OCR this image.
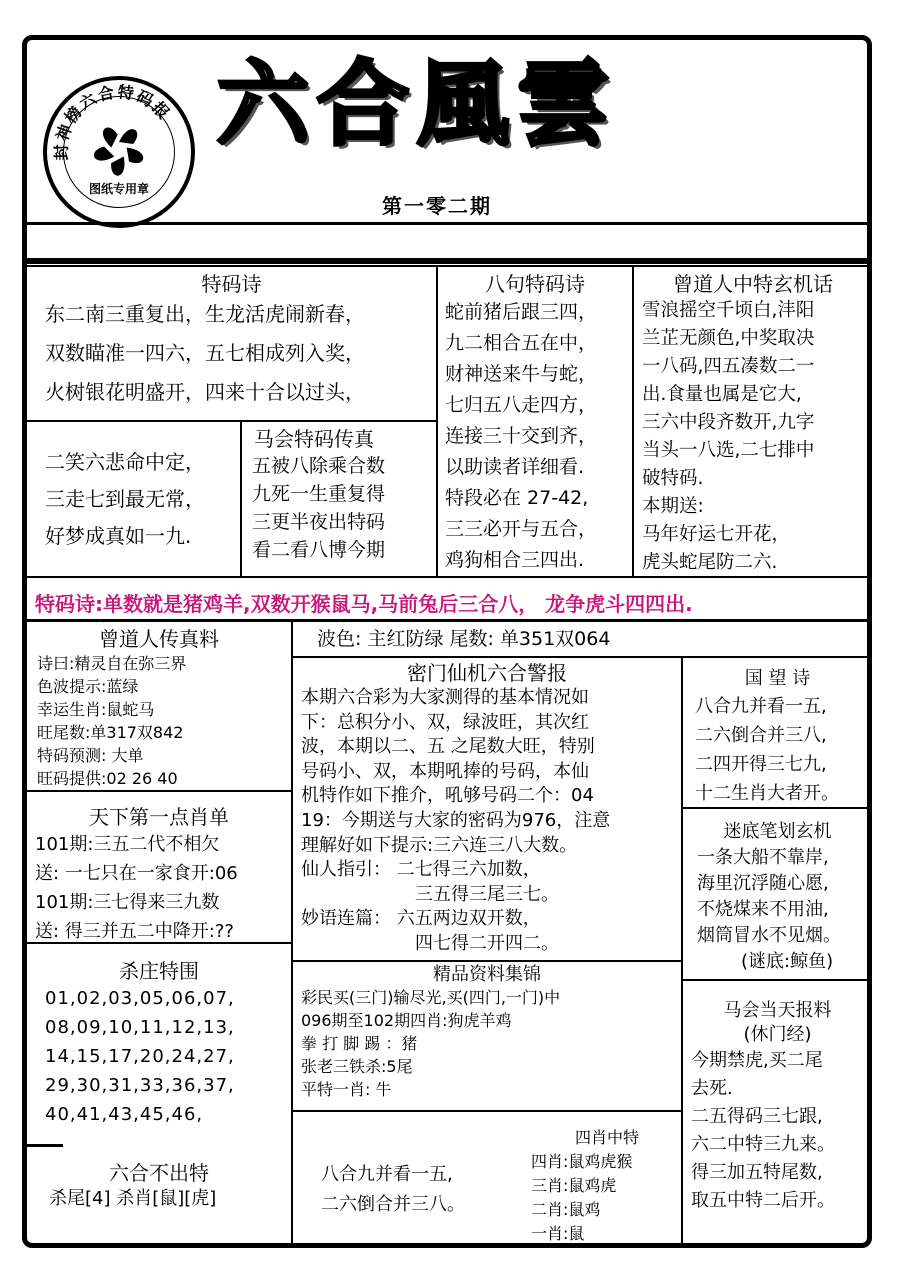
封神榜六合特码报
图纸专用章
六合風雲
第一零二期
特码诗
东二南三重复出，生龙活虎闹新春，
双数瞄准一四六，五七相成列入奖，
火树银花明盛开，四来十合以过头，
二笑六悲命中定，
三走七到最无常，
好梦成真如一九.
马会特码传真
五被八除乘合数
九死一生重复得
三更半夜出特码
看二看八博今期
八句特码诗
蛇前猪后跟三四，
九二相合五在中，
财神送来牛与蛇，
七归五八走四方，
连接三十交到齐，
以助读者详细看.
特段必在 27-42,
三三必开与五合，
鸡狗相合三四出.
曾道人中特玄机话
雪浪摇空千顷白,沣阳
兰芷无颜色,中奖取决
一八码,四五凑数二一
出.食量也属是它大,
三六中段齐数开,九字
当头一八选,二七排中
破特码.
本期送:
马年好运七开花，
虎头蛇尾防二六.
特码诗:单数就是猪鸡羊,双数开猴鼠马,马前兔后三合八， 龙争虎斗四四出.
曾道人传真料
诗曰:精灵自在弥三界
色波提示:蓝绿
幸运生肖:鼠蛇马
旺尾数:单317双842
特码预测: 大单
旺码提供:02 26 40
天下第一点肖单
101期:三五二代不相欠
送: 一七只在一家食开:06
101期:三七得来三九数
送: 得三并五二中降开:??
杀庄特围
01,02,03,05,06,07,
08,09,10,11,12,13,
14,15,17,20,24,27,
29,30,31,33,36,37,
40,41,43,45,46,
六合不出特
杀尾[4] 杀肖[鼠][虎]
波色: 主红防绿 尾数: 单351双064
密门仙机六合警报
本期六合彩为大家测得的基本情况如
下：总积分小、双，绿波旺，其次红
波，本期以二、五 之尾数大旺，特别
号码小、双，本期吼捧的号码，本仙
机特作如下推介，吼够号码二个：04
19：今期送与大家的密码为976，注意
理解好如下提示:三六连三八大数。
仙人指引： 二七得三六加数，
三五得三尾三七。
妙语连篇： 六五两边双开数，
四七得二开四二。
精品资料集锦
彩民买(三门)输尽光,买(四门,一门)中
096期至102期四肖:狗虎羊鸡
拳 打 脚 踢 ：猪
张老三铁杀:5尾
平特一肖: 牛
八合九并看一五,
二六倒合并三八。
四肖中特
四肖:鼠鸡虎猴
三肖:鼠鸡虎
二肖:鼠鸡
一肖:鼠
国 望 诗
八合九并看一五,
二六倒合并三八,
二四开得三七九,
十二生肖大者开。
迷底笔划玄机
一条大船不靠岸,
海里沉浮随心愿,
不烧煤来不用油,
烟筒冒水不见烟。
(谜底:鲸鱼)
马会当天报料
(休门经)
今期禁虎,买二尾
去死.
二五得码三七跟,
六二中特三九来。
得三加五特尾数,
取五中特二后开。
